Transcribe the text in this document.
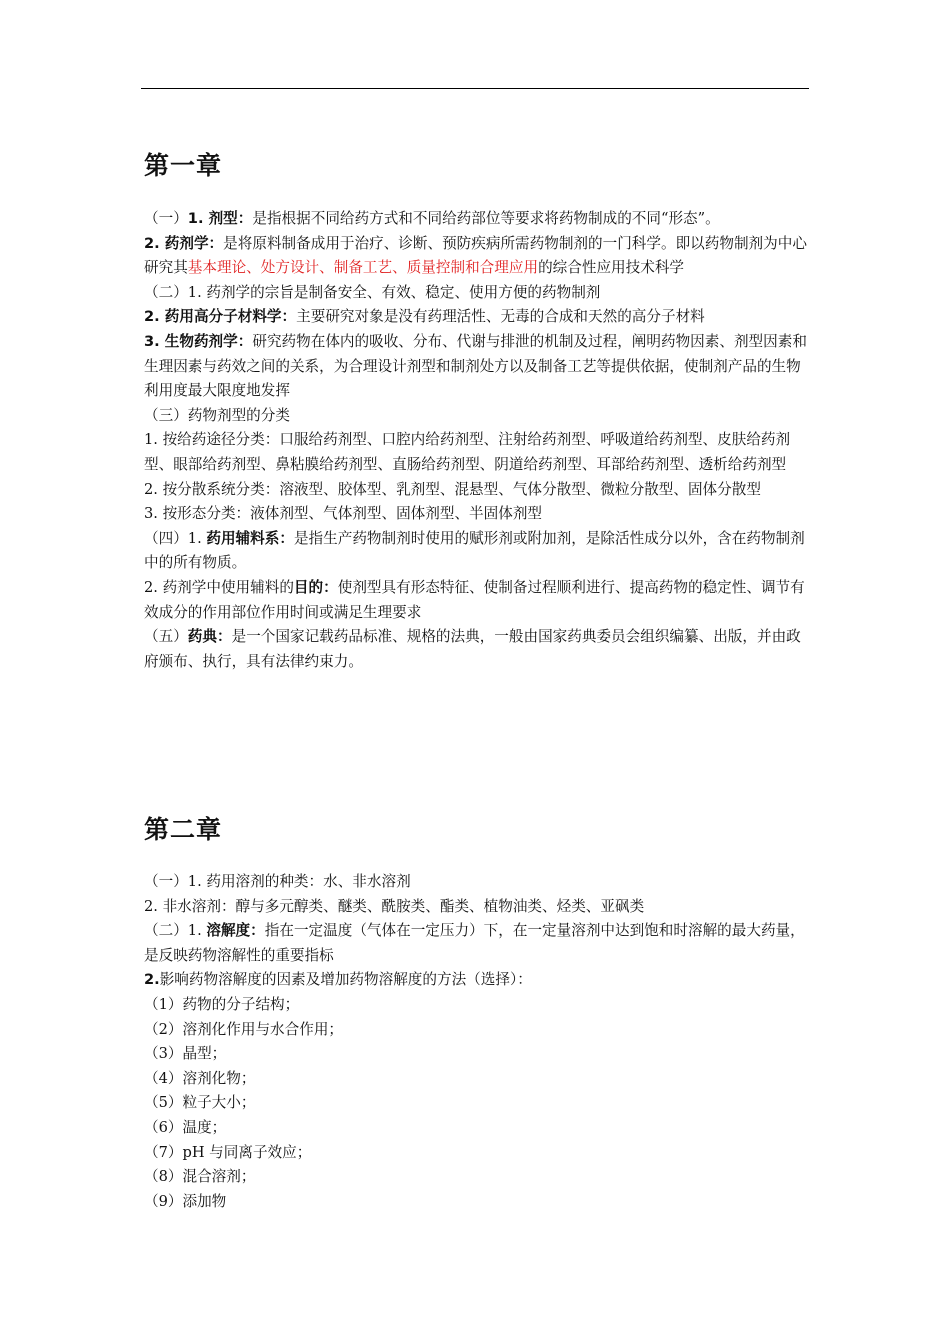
第一章

（一）1. 剂型：是指根据不同给药方式和不同给药部位等要求将药物制成的不同“形态”。

2. 药剂学：是将原料制备成用于治疗、诊断、预防疾病所需药物制剂的一门科学。即以药物制剂为中心研究其基本理论、处方设计、制备工艺、质量控制和合理应用的综合性应用技术科学

（二）1. 药剂学的宗旨是制备安全、有效、稳定、使用方便的药物制剂

2. 药用高分子材料学：主要研究对象是没有药理活性、无毒的合成和天然的高分子材料

3. 生物药剂学：研究药物在体内的吸收、分布、代谢与排泄的机制及过程，阐明药物因素、剂型因素和生理因素与药效之间的关系，为合理设计剂型和制剂处方以及制备工艺等提供依据，使制剂产品的生物利用度最大限度地发挥

（三）药物剂型的分类

1. 按给药途径分类：口服给药剂型、口腔内给药剂型、注射给药剂型、呼吸道给药剂型、皮肤给药剂型、眼部给药剂型、鼻粘膜给药剂型、直肠给药剂型、阴道给药剂型、耳部给药剂型、透析给药剂型

2. 按分散系统分类：溶液型、胶体型、乳剂型、混悬型、气体分散型、微粒分散型、固体分散型

3. 按形态分类：液体剂型、气体剂型、固体剂型、半固体剂型

（四）1. 药用辅料系：是指生产药物制剂时使用的赋形剂或附加剂，是除活性成分以外，含在药物制剂中的所有物质。

2. 药剂学中使用辅料的目的：使剂型具有形态特征、使制备过程顺利进行、提高药物的稳定性、调节有效成分的作用部位作用时间或满足生理要求

（五）药典：是一个国家记载药品标准、规格的法典，一般由国家药典委员会组织编纂、出版，并由政府颁布、执行，具有法律约束力。

第二章

（一）1. 药用溶剂的种类：水、非水溶剂

2. 非水溶剂：醇与多元醇类、醚类、酰胺类、酯类、植物油类、烃类、亚砜类

（二）1. 溶解度：指在一定温度（气体在一定压力）下，在一定量溶剂中达到饱和时溶解的最大药量，是反映药物溶解性的重要指标

2.影响药物溶解度的因素及增加药物溶解度的方法（选择）：

（1）药物的分子结构；

（2）溶剂化作用与水合作用；

（3）晶型；

（4）溶剂化物；

（5）粒子大小；

（6）温度；

（7）pH 与同离子效应；

（8）混合溶剂；

（9）添加物
